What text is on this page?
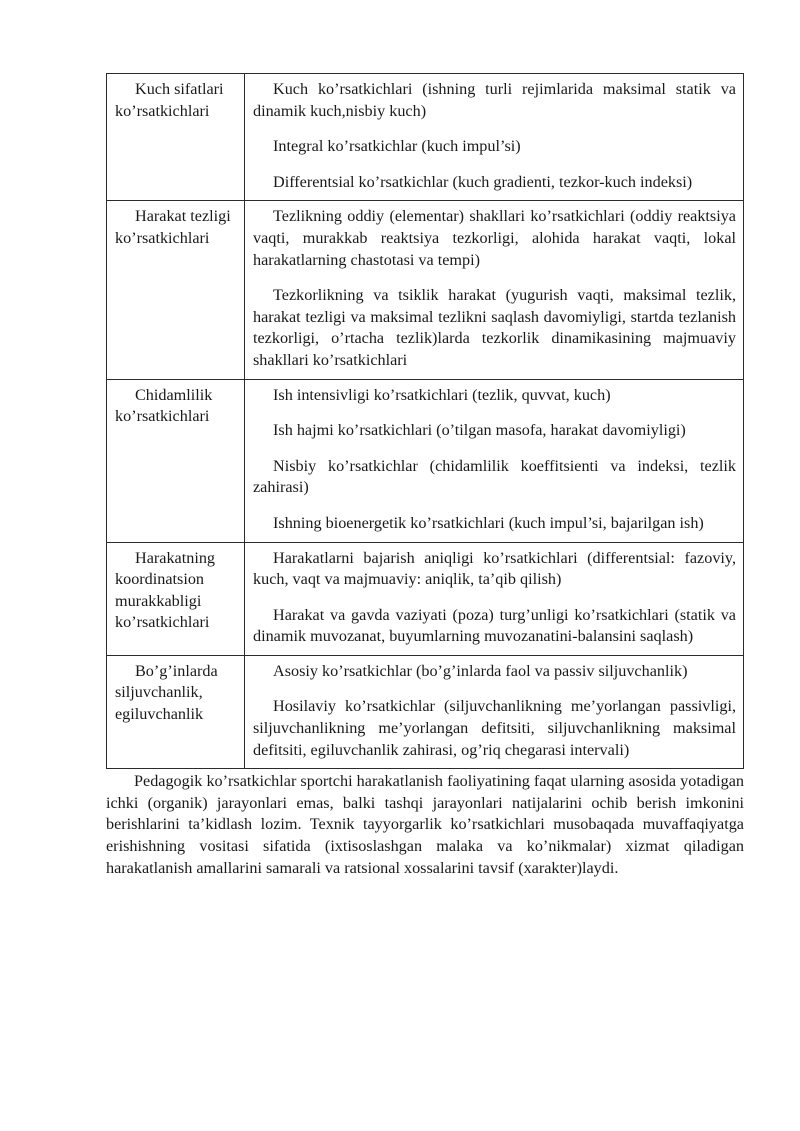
Kuch sifatlari ko’rsatkichlari	Kuch ko’rsatkichlari (ishning turli rejimlarida maksimal statik va dinamik kuch,nisbiy kuch)

Integral ko’rsatkichlar (kuch impul’si)

Differentsial ko’rsatkichlar (kuch gradienti, tezkor-kuch indeksi)

Harakat tezligi ko’rsatkichlari	Tezlikning oddiy (elementar) shakllari ko’rsatkichlari (oddiy reaktsiya vaqti, murakkab reaktsiya tezkorligi, alohida harakat vaqti, lokal harakatlarning chastotasi va tempi)

Tezkorlikning va tsiklik harakat (yugurish vaqti, maksimal tezlik, harakat tezligi va maksimal tezlikni saqlash davomiyligi, startda tezlanish tezkorligi, o’rtacha tezlik)larda tezkorlik dinamikasining majmuaviy shakllari ko’rsatkichlari

Chidamlilik ko’rsatkichlari	Ish intensivligi ko’rsatkichlari (tezlik, quvvat, kuch)

Ish hajmi ko’rsatkichlari (o’tilgan masofa, harakat davomiyligi)

Nisbiy ko’rsatkichlar (chidamlilik koeffitsienti va indeksi, tezlik zahirasi)

Ishning bioenergetik ko’rsatkichlari (kuch impul’si, bajarilgan ish)

Harakatning koordinatsion murakkabligi ko’rsatkichlari	Harakatlarni bajarish aniqligi ko’rsatkichlari (differentsial: fazoviy, kuch, vaqt va majmuaviy: aniqlik, ta’qib qilish)

Harakat va gavda vaziyati (poza) turg’unligi ko’rsatkichlari (statik va dinamik muvozanat, buyumlarning muvozanatini-balansini saqlash)

Bo’g’inlarda siljuvchanlik, egiluvchanlik	Asosiy ko’rsatkichlar (bo’g’inlarda faol va passiv siljuvchanlik)

Hosilaviy ko’rsatkichlar (siljuvchanlikning me’yorlangan passivligi, siljuvchanlikning me’yorlangan defitsiti, siljuvchanlikning maksimal defitsiti, egiluvchanlik zahirasi, og’riq chegarasi intervali)

Pedagogik ko’rsatkichlar sportchi harakatlanish faoliyatining faqat ularning asosida yotadigan ichki (organik) jarayonlari emas, balki tashqi jarayonlari natijalarini ochib berish imkonini berishlarini ta’kidlash lozim. Texnik tayyorgarlik ko’rsatkichlari musobaqada muvaffaqiyatga erishishning vositasi sifatida (ixtisoslashgan malaka va ko’nikmalar) xizmat qiladigan harakatlanish amallarini samarali va ratsional xossalarini tavsif (xarakter)laydi.
